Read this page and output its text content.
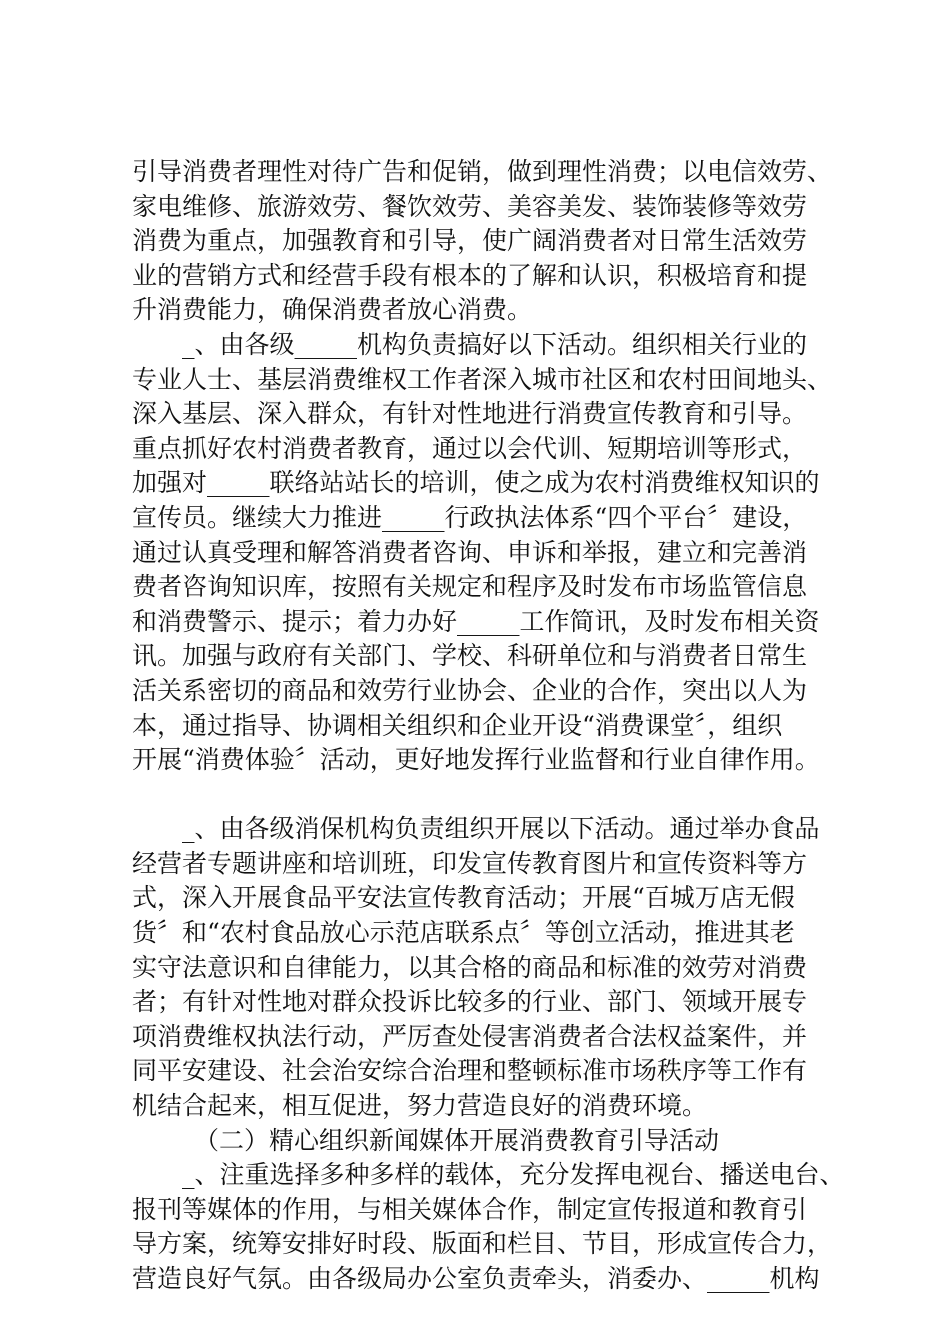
引导消费者理性对待广告和促销，做到理性消费；以电信效劳、
家电维修、旅游效劳、餐饮效劳、美容美发、装饰装修等效劳
消费为重点，加强教育和引导，使广阔消费者对日常生活效劳
业的营销方式和经营手段有根本的了解和认识，积极培育和提
升消费能力，确保消费者放心消费。
_、由各级_____机构负责搞好以下活动。组织相关行业的
专业人士、基层消费维权工作者深入城市社区和农村田间地头、
深入基层、深入群众，有针对性地进行消费宣传教育和引导。
重点抓好农村消费者教育，通过以会代训、短期培训等形式，
加强对_____联络站站长的培训，使之成为农村消费维权知识的
宣传员。继续大力推进_____行政执法体系“四个平台〞建设，
通过认真受理和解答消费者咨询、申诉和举报，建立和完善消
费者咨询知识库，按照有关规定和程序及时发布市场监管信息
和消费警示、提示；着力办好_____工作简讯，及时发布相关资
讯。加强与政府有关部门、学校、科研单位和与消费者日常生
活关系密切的商品和效劳行业协会、企业的合作，突出以人为
本，通过指导、协调相关组织和企业开设“消费课堂〞，组织
开展“消费体验〞活动，更好地发挥行业监督和行业自律作用。
_、由各级消保机构负责组织开展以下活动。通过举办食品
经营者专题讲座和培训班，印发宣传教育图片和宣传资料等方
式，深入开展食品平安法宣传教育活动；开展“百城万店无假
货〞和“农村食品放心示范店联系点〞等创立活动，推进其老
实守法意识和自律能力，以其合格的商品和标准的效劳对消费
者；有针对性地对群众投诉比较多的行业、部门、领域开展专
项消费维权执法行动，严厉查处侵害消费者合法权益案件，并
同平安建设、社会治安综合治理和整顿标准市场秩序等工作有
机结合起来，相互促进，努力营造良好的消费环境。
（二）精心组织新闻媒体开展消费教育引导活动
_、注重选择多种多样的载体，充分发挥电视台、播送电台、
报刊等媒体的作用，与相关媒体合作，制定宣传报道和教育引
导方案，统筹安排好时段、版面和栏目、节目，形成宣传合力，
营造良好气氛。由各级局办公室负责牵头，消委办、_____机构
